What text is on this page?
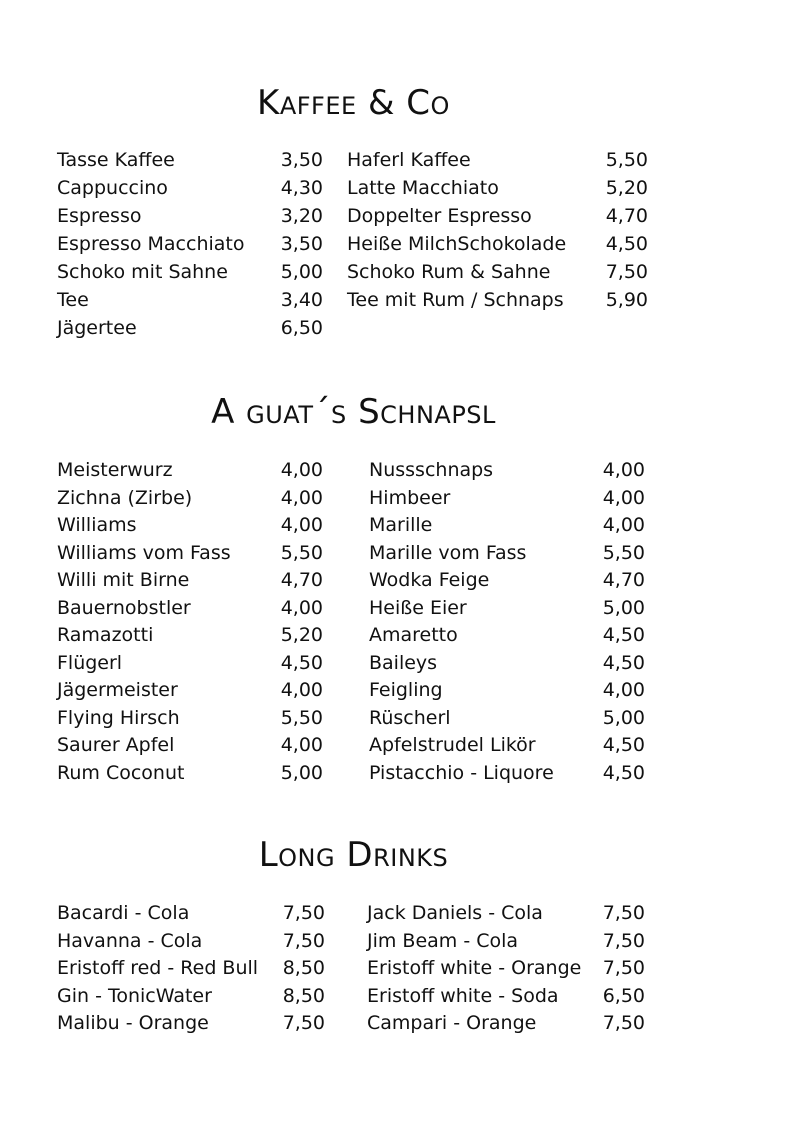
Kaffee & Co
A guat´s Schnapsl
Long Drinks
Tasse Kaffee	3,50
Cappuccino	4,30
Espresso	3,20
Espresso Macchiato	3,50
Schoko mit Sahne	5,00
Tee	3,40
Jägertee	6,50
Haferl Kaffee	5,50
Latte Macchiato	5,20
Doppelter Espresso	4,70
Heiße MilchSchokolade	4,50
Schoko Rum & Sahne	7,50
Tee mit Rum / Schnaps	5,90
Meisterwurz	4,00
Zichna (Zirbe)	4,00
Williams	4,00
Williams vom Fass	5,50
Willi mit Birne	4,70
Bauernobstler	4,00
Ramazotti	5,20
Flügerl	4,50
Jägermeister	4,00
Flying Hirsch	5,50
Saurer Apfel	4,00
Rum Coconut	5,00
Nussschnaps	4,00
Himbeer	4,00
Marille	4,00
Marille vom Fass	5,50
Wodka Feige	4,70
Heiße Eier	5,00
Amaretto	4,50
Baileys	4,50
Feigling	4,00
Rüscherl	5,00
Apfelstrudel Likör	4,50
Pistacchio - Liquore	4,50
Bacardi - Cola	7,50
Havanna - Cola	7,50
Eristoff red - Red Bull	8,50
Gin - TonicWater	8,50
Malibu - Orange	7,50
Jack Daniels - Cola	7,50
Jim Beam - Cola	7,50
Eristoff white - Orange	7,50
Eristoff white - Soda	6,50
Campari - Orange	7,50
